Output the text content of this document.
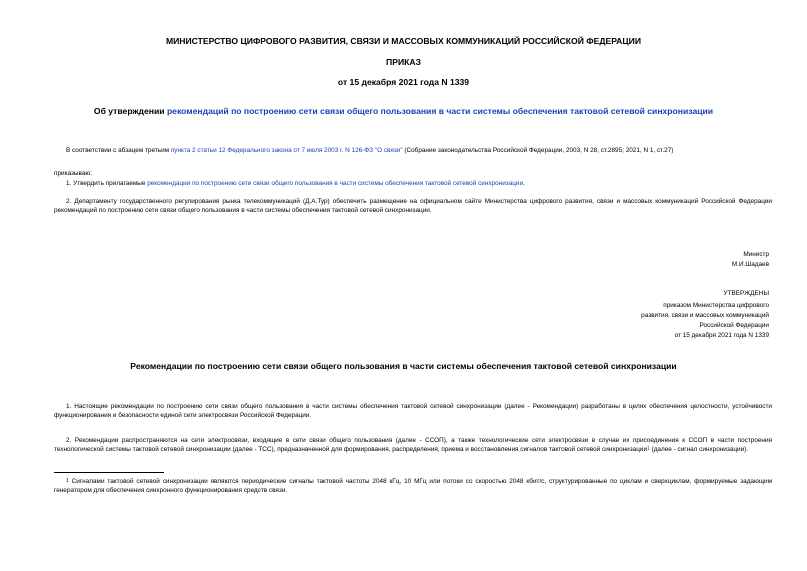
МИНИСТЕРСТВО ЦИФРОВОГО РАЗВИТИЯ, СВЯЗИ И МАССОВЫХ КОММУНИКАЦИЙ РОССИЙСКОЙ ФЕДЕРАЦИИ
ПРИКАЗ
от 15 декабря 2021 года N 1339
Об утверждении рекомендаций по построению сети связи общего пользования в части системы обеспечения тактовой сетевой синхронизации
В соответствии с абзацем третьим пункта 2 статьи 12 Федерального закона от 7 июля 2003 г. N 126-ФЗ "О связи" (Собрание законодательства Российской Федерации, 2003, N 28, ст.2895; 2021, N 1, ст.27)
приказываю:
1. Утвердить прилагаемые рекомендации по построению сети связи общего пользования в части системы обеспечения тактовой сетевой синхронизации.
2. Департаменту государственного регулирования рынка телекоммуникаций (Д.А.Тур) обеспечить размещение на официальном сайте Министерства цифрового развития, связи и массовых коммуникаций Российской Федерации рекомендаций по построению сети связи общего пользования в части системы обеспечения тактовой сетевой синхронизации.
Министр
М.И.Шадаев
УТВЕРЖДЕНЫ
приказом Министерства цифрового
развития, связи и массовых коммуникаций
Российской Федерации
от 15 декабря 2021 года N 1339
Рекомендации по построению сети связи общего пользования в части системы обеспечения тактовой сетевой синхронизации
1. Настоящие рекомендации по построению сети связи общего пользования в части системы обеспечения тактовой сетевой синхронизации (далее - Рекомендации) разработаны в целях обеспечения целостности, устойчивости функционирования и безопасности единой сети электросвязи Российской Федерации.
2. Рекомендации распространяются на сети электросвязи, входящие в сети связи общего пользования (далее - ССОП), а также технологические сети электросвязи в случае их присоединения к ССОП в части построения технологической системы тактовой сетевой синхронизации (далее - ТСС), предназначенной для формирования, распределения, приема и восстановления сигналов тактовой сетевой синхронизации$^1$ (далее - сигнал синхронизации).
$^1$ Сигналами тактовой сетевой синхронизации являются периодические сигналы тактовой частоты 2048 кГц, 10 МГц или потоки со скоростью 2048 кбит/с, структурированные по циклам и сверхциклам, формируемые задающим генератором для обеспечения синхронного функционирования средств связи.
